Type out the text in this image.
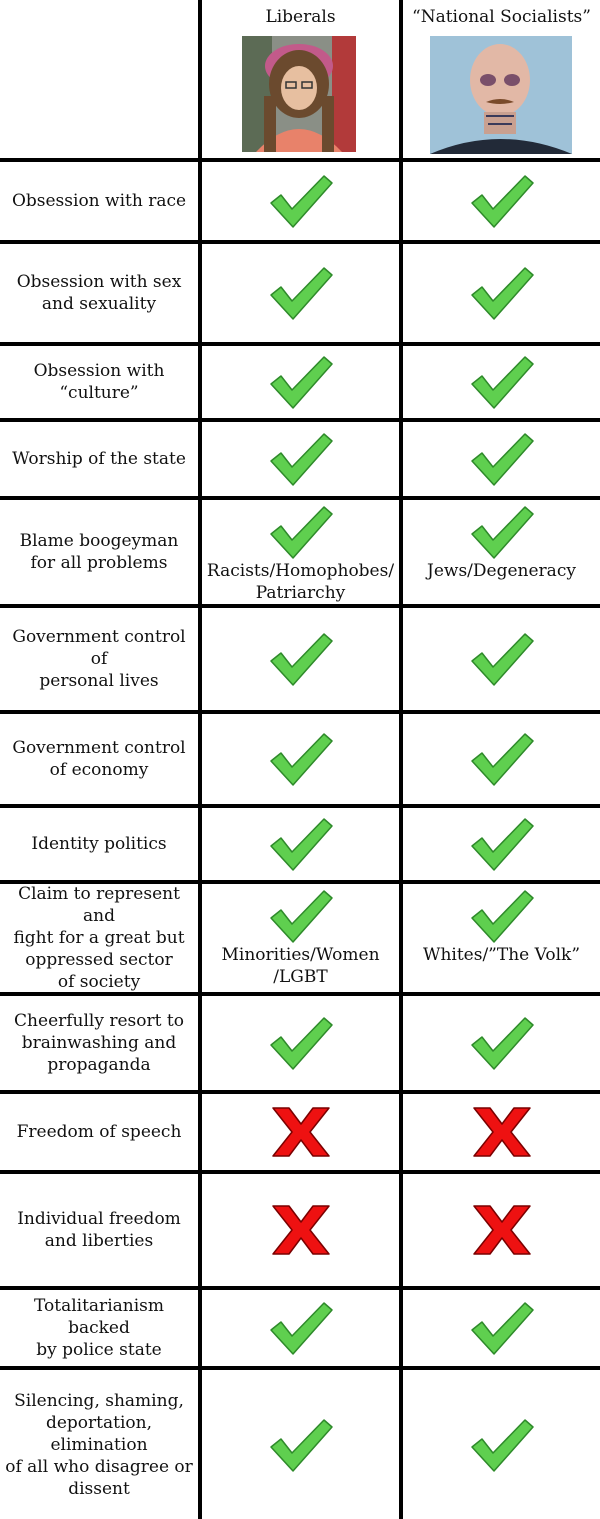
Liberals	“National Socialists”
Obsession with race
Obsession with sex
and sexuality
Obsession with
“culture”
Worship of the state
Blame boogeyman
for all problems	Racists/Homophobes/
Patriarchy
Jews/Degeneracy
Government control of
personal lives
Government control
of economy
Identity politics
Claim to represent and
fight for a great but
oppressed sector
of society
Minorities/Women
/LGBT
Whites/”The Volk”
Cheerfully resort to
brainwashing and
propaganda
Freedom of speech
Individual freedom
and liberties
Totalitarianism backed
by police state
Silencing, shaming,
deportation, elimination
of all who disagree or
dissent
